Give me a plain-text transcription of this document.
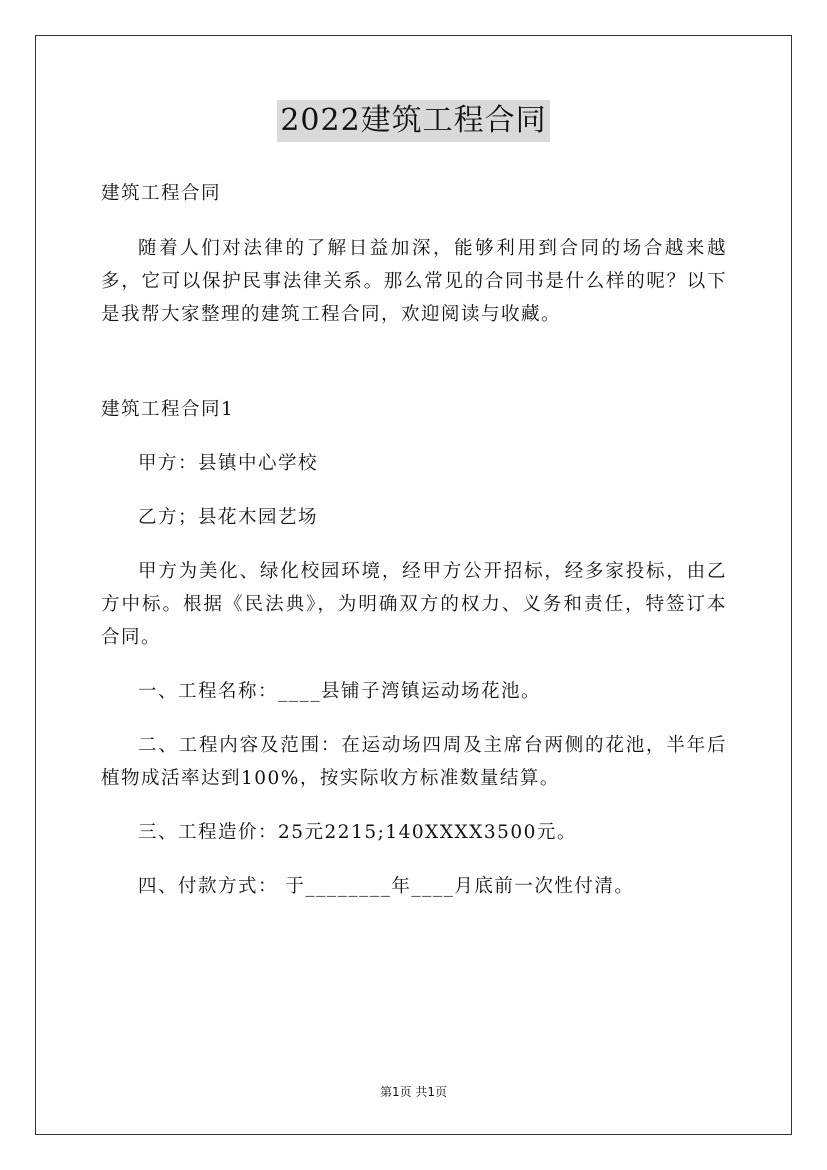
2022建筑工程合同

建筑工程合同

随着人们对法律的了解日益加深，能够利用到合同的场合越来越多，它可以保护民事法律关系。那么常见的合同书是什么样的呢？以下是我帮大家整理的建筑工程合同，欢迎阅读与收藏。

建筑工程合同1

甲方：县镇中心学校

乙方；县花木园艺场

甲方为美化、绿化校园环境，经甲方公开招标，经多家投标，由乙方中标。根据《民法典》，为明确双方的权力、义务和责任，特签订本合同。

一、工程名称：____县铺子湾镇运动场花池。

二、工程内容及范围：在运动场四周及主席台两侧的花池，半年后植物成活率达到100%，按实际收方标准数量结算。

三、工程造价：25元2215;140XXXX3500元。

四、付款方式： 于________年____月底前一次性付清。

第1页 共1页
